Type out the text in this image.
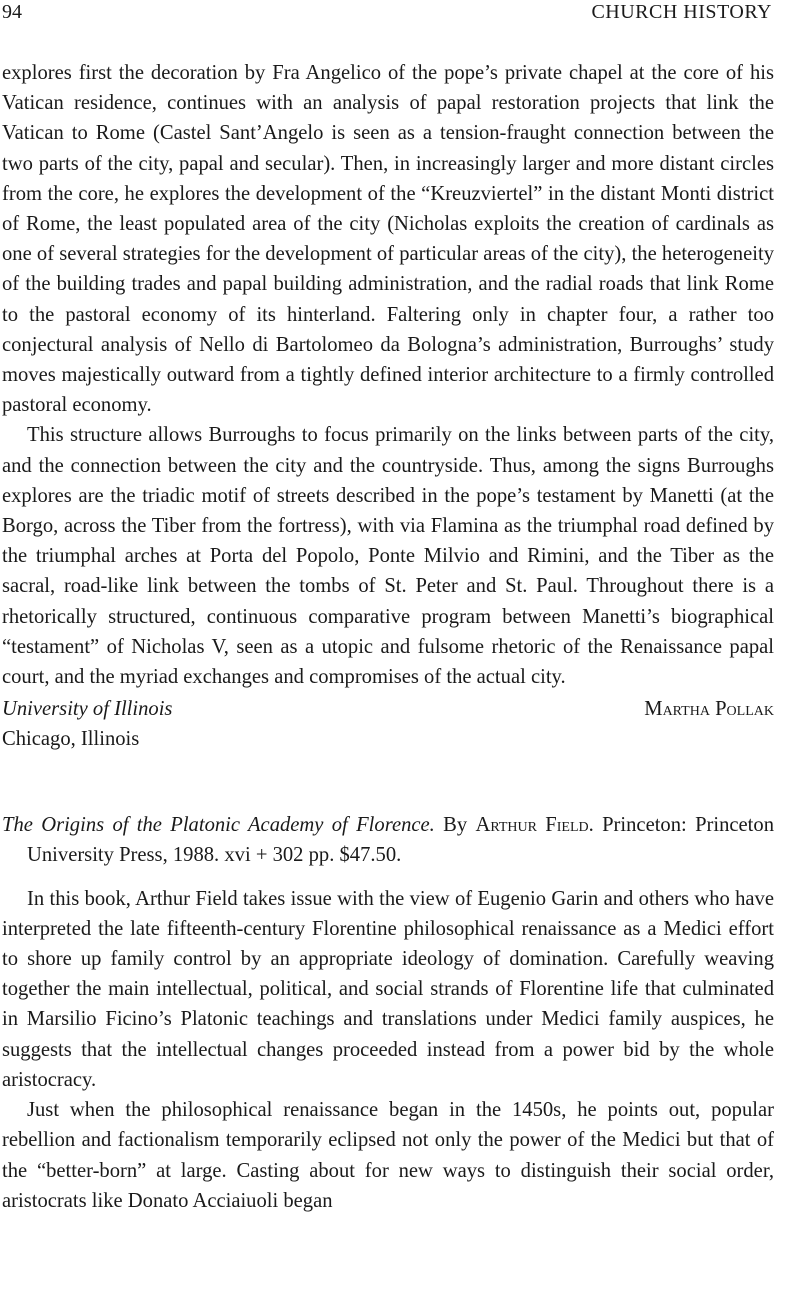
94	CHURCH HISTORY

explores first the decoration by Fra Angelico of the pope’s private chapel at the core of his Vatican residence, continues with an analysis of papal restoration projects that link the Vatican to Rome (Castel Sant’Angelo is seen as a tension-fraught connection between the two parts of the city, papal and secular). Then, in increasingly larger and more distant circles from the core, he explores the development of the “Kreuzviertel” in the distant Monti district of Rome, the least populated area of the city (Nicholas exploits the creation of cardinals as one of several strategies for the development of particular areas of the city), the heterogeneity of the building trades and papal building administration, and the radial roads that link Rome to the pastoral economy of its hinterland. Faltering only in chapter four, a rather too conjectural analysis of Nello di Bartolomeo da Bologna’s administration, Burroughs’ study moves majestically outward from a tightly defined interior architecture to a firmly controlled pastoral economy.

This structure allows Burroughs to focus primarily on the links between parts of the city, and the connection between the city and the countryside. Thus, among the signs Burroughs explores are the triadic motif of streets described in the pope’s testament by Manetti (at the Borgo, across the Tiber from the fortress), with via Flamina as the triumphal road defined by the triumphal arches at Porta del Popolo, Ponte Milvio and Rimini, and the Tiber as the sacral, road-like link between the tombs of St. Peter and St. Paul. Throughout there is a rhetorically structured, continuous comparative program between Manetti’s biographical “testament” of Nicholas V, seen as a utopic and fulsome rhetoric of the Renaissance papal court, and the myriad exchanges and compromises of the actual city.

University of Illinois
Chicago, Illinois
Martha Pollak

The Origins of the Platonic Academy of Florence. By Arthur Field. Princeton: Princeton University Press, 1988. xvi + 302 pp. $47.50.

In this book, Arthur Field takes issue with the view of Eugenio Garin and others who have interpreted the late fifteenth-century Florentine philosophical renaissance as a Medici effort to shore up family control by an appropriate ideology of domination. Carefully weaving together the main intellectual, political, and social strands of Florentine life that culminated in Marsilio Ficino’s Platonic teachings and translations under Medici family auspices, he suggests that the intellectual changes proceeded instead from a power bid by the whole aristocracy.

Just when the philosophical renaissance began in the 1450s, he points out, popular rebellion and factionalism temporarily eclipsed not only the power of the Medici but that of the “better-born” at large. Casting about for new ways to distinguish their social order, aristocrats like Donato Acciaiuoli began
